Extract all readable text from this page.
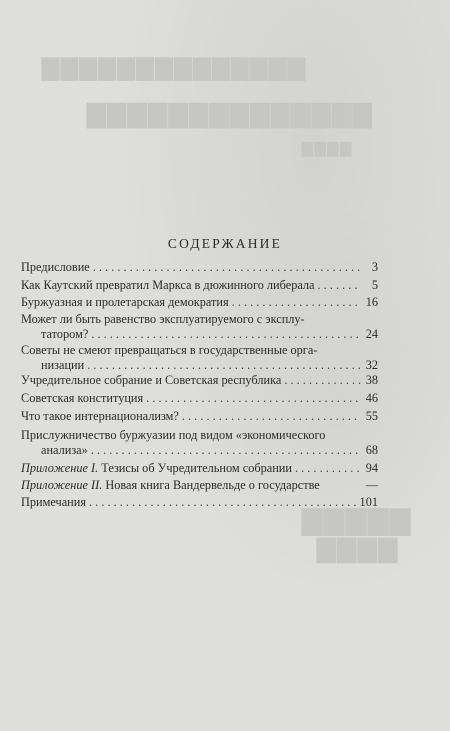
▇▇▇▇▇▇▇▇▇▇▇▇▇▇
▇▇▇▇▇▇▇▇▇▇▇▇▇▇
▇▇▇▇
▇▇▇▇▇
▇▇▇▇
СОДЕРЖАНИЕ
Предисловие . . .	3
Как Каутский превратил Маркса в дюжинного либерала . . .	5
Буржуазная и пролетарская демократия . . .	16
Может ли быть равенство эксплуатируемого с эксплу-
татором? . . .	24
Советы не смеют превращаться в государственные орга-
низации . . .	32
Учредительное собрание и Советская республика . . .	38
Советская конституция . . .	46
Что такое интернационализм? . . .	55
Прислужничество буржуазии под видом «экономического
анализа» . . .	68
Приложение I. Тезисы об Учредительном собрании . . .	94
Приложение II. Новая книга Вандервельде о государстве	—
Примечания . . .	101
